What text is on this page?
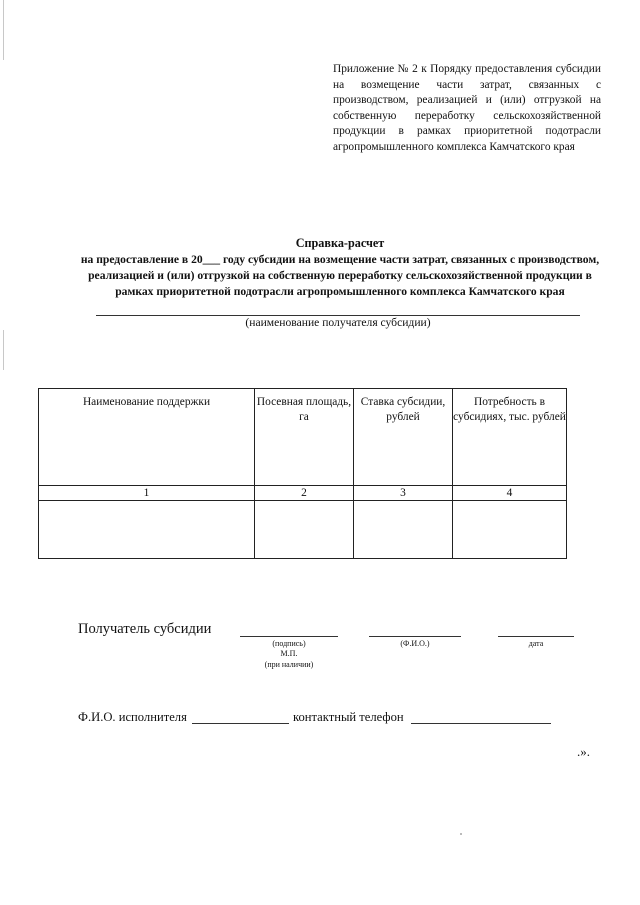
Приложение № 2 к Порядку предоставления субсидии на возмещение части затрат, связанных с производством, реализацией и (или) отгрузкой на собственную переработку сельскохозяйственной продукции в рамках приоритетной подотрасли агропромышленного комплекса Камчатского края
Справка-расчет
на предоставление в 20___ году субсидии на возмещение части затрат, связанных с производством, реализацией и (или) отгрузкой на собственную переработку сельскохозяйственной продукции в рамках приоритетной подотрасли агропромышленного комплекса Камчатского края
(наименование получателя субсидии)
Наименование поддержки	Посевная площадь, га	Ставка субсидии, рублей	Потребность в субсидиях, тыс. рублей
1	2	3	4

Получатель субсидии
(подпись)
М.П.
(при наличии)
(Ф.И.О.)	дата
Ф.И.О. исполнителя	контактный телефон
.».
